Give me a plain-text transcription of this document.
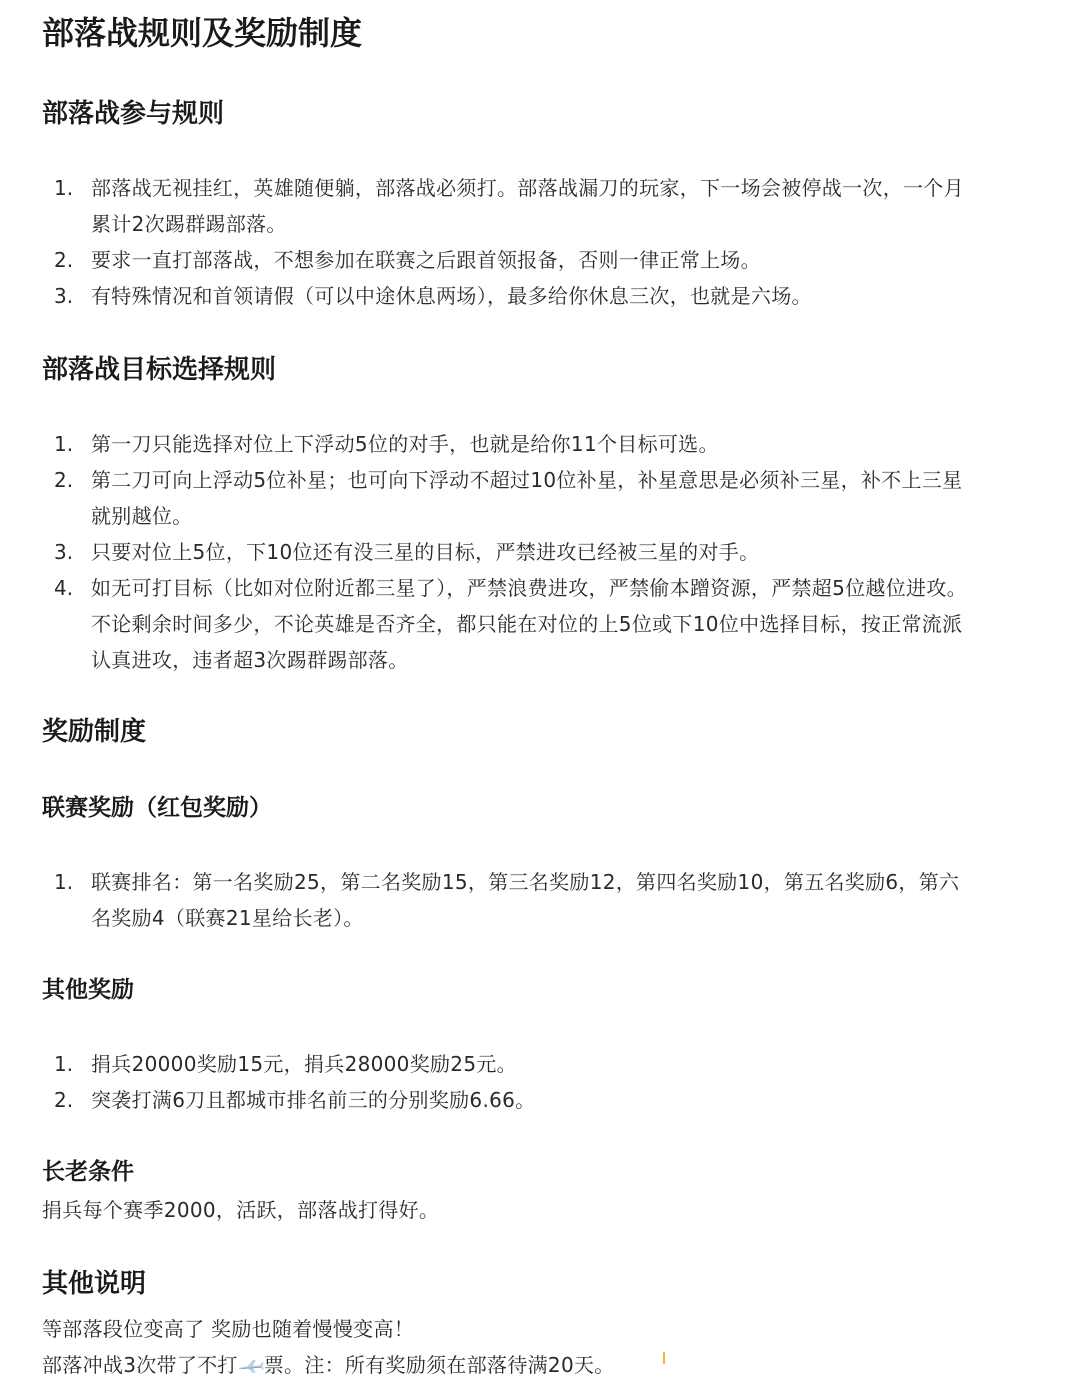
部落战规则及奖励制度
部落战参与规则
1. 部落战无视挂红，英雄随便躺，部落战必须打。部落战漏刀的玩家，下一场会被停战一次，一个月
累计2次踢群踢部落。
2. 要求一直打部落战，不想参加在联赛之后跟首领报备，否则一律正常上场。
3. 有特殊情况和首领请假（可以中途休息两场），最多给你休息三次，也就是六场。
部落战目标选择规则
1. 第一刀只能选择对位上下浮动5位的对手，也就是给你11个目标可选。
2. 第二刀可向上浮动5位补星；也可向下浮动不超过10位补星，补星意思是必须补三星，补不上三星
就别越位。
3. 只要对位上5位，下10位还有没三星的目标，严禁进攻已经被三星的对手。
4. 如无可打目标（比如对位附近都三星了），严禁浪费进攻，严禁偷本蹭资源，严禁超5位越位进攻。
不论剩余时间多少，不论英雄是否齐全，都只能在对位的上5位或下10位中选择目标，按正常流派
认真进攻，违者超3次踢群踢部落。
奖励制度
联赛奖励（红包奖励）
1. 联赛排名：第一名奖励25，第二名奖励15，第三名奖励12，第四名奖励10，第五名奖励6，第六
名奖励4（联赛21星给长老）。
其他奖励
1. 捐兵20000奖励15元，捐兵28000奖励25元。
2. 突袭打满6刀且都城市排名前三的分别奖励6.66。
长老条件

捐兵每个赛季2000，活跃，部落战打得好。

其他说明

等部落段位变高了 奖励也随着慢慢变高！

部落冲战3次带了不打 票。注：所有奖励须在部落待满20天。
